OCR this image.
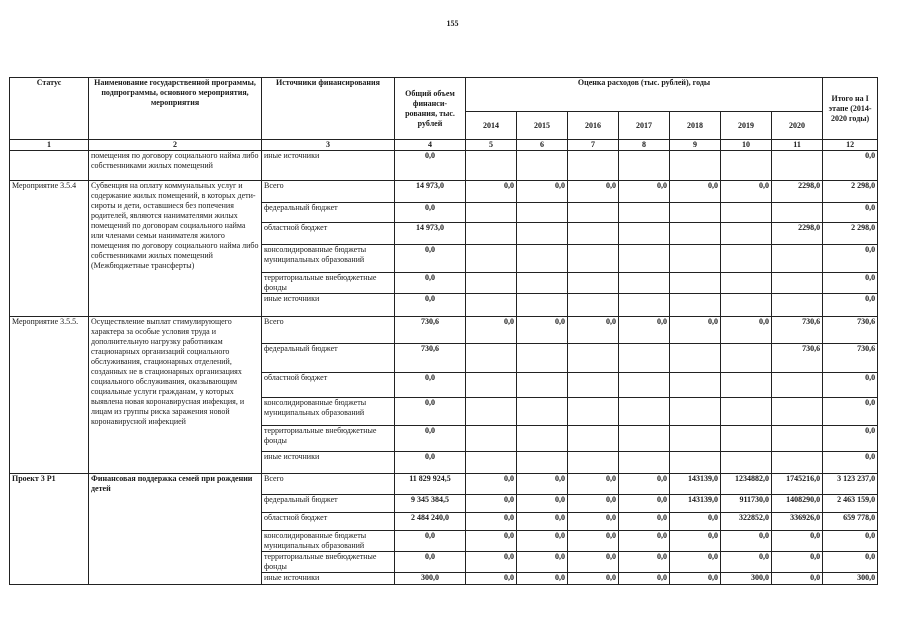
155
Статус	Наименование государственной программы, подпрограммы, основного мероприятия, мероприятия	Источники финансирования	Общий объем финанси-рования, тыс. рублей	Оценка расходов (тыс. рублей), годы							Итого на I этапе (2014-2020 годы)
				2014	2015	2016	2017	2018	2019	2020	
1	2	3	4	5	6	7	8	9	10	11	12
	помещения по договору социального найма либо собственниками жилых помещений	иные источники	0,0								0,0
Мероприятие 3.5.4	Субвенция на оплату коммунальных услуг и содержание жилых помещений, в которых дети-сироты и дети, оставшиеся без попечения родителей, являются нанимателями жилых помещений по договорам социального найма или членами семьи нанимателя жилого помещения по договору социального найма либо собственниками жилых помещений (Межбюджетные трансферты)	Всего	14 973,0	0,0	0,0	0,0	0,0	0,0	0,0	2298,0	2 298,0
		федеральный бюджет	0,0								0,0
		областной бюджет	14 973,0							2298,0	2 298,0
		консолидированные бюджеты муниципальных образований	0,0								0,0
		территориальные внебюджетные фонды	0,0								0,0
		иные источники	0,0								0,0
Мероприятие 3.5.5.	Осуществление выплат стимулирующего характера за особые условия труда и дополнительную нагрузку работникам стационарных организаций социального обслуживания, стационарных отделений, созданных не в стационарных организациях социального обслуживания, оказывающим социальные услуги гражданам, у которых выявлена новая коронавирусная инфекция, и лицам из группы риска заражения новой коронавирусной инфекцией	Всего	730,6	0,0	0,0	0,0	0,0	0,0	0,0	730,6	730,6
		федеральный бюджет	730,6							730,6	730,6
		областной бюджет	0,0								0,0
		консолидированные бюджеты муниципальных образований	0,0								0,0
		территориальные внебюджетные фонды	0,0								0,0
		иные источники	0,0								0,0
Проект 3 Р1	Финансовая поддержка семей при рождении детей	Всего	11 829 924,5	0,0	0,0	0,0	0,0	143139,0	1234882,0	1745216,0	3 123 237,0
		федеральный бюджет	9 345 384,5	0,0	0,0	0,0	0,0	143139,0	911730,0	1408290,0	2 463 159,0
		областной бюджет	2 484 240,0	0,0	0,0	0,0	0,0	0,0	322852,0	336926,0	659 778,0
		консолидированные бюджеты муниципальных образований	0,0	0,0	0,0	0,0	0,0	0,0	0,0	0,0	0,0
		территориальные внебюджетные фонды	0,0	0,0	0,0	0,0	0,0	0,0	0,0	0,0	0,0
		иные источники	300,0	0,0	0,0	0,0	0,0	0,0	300,0	0,0	300,0
